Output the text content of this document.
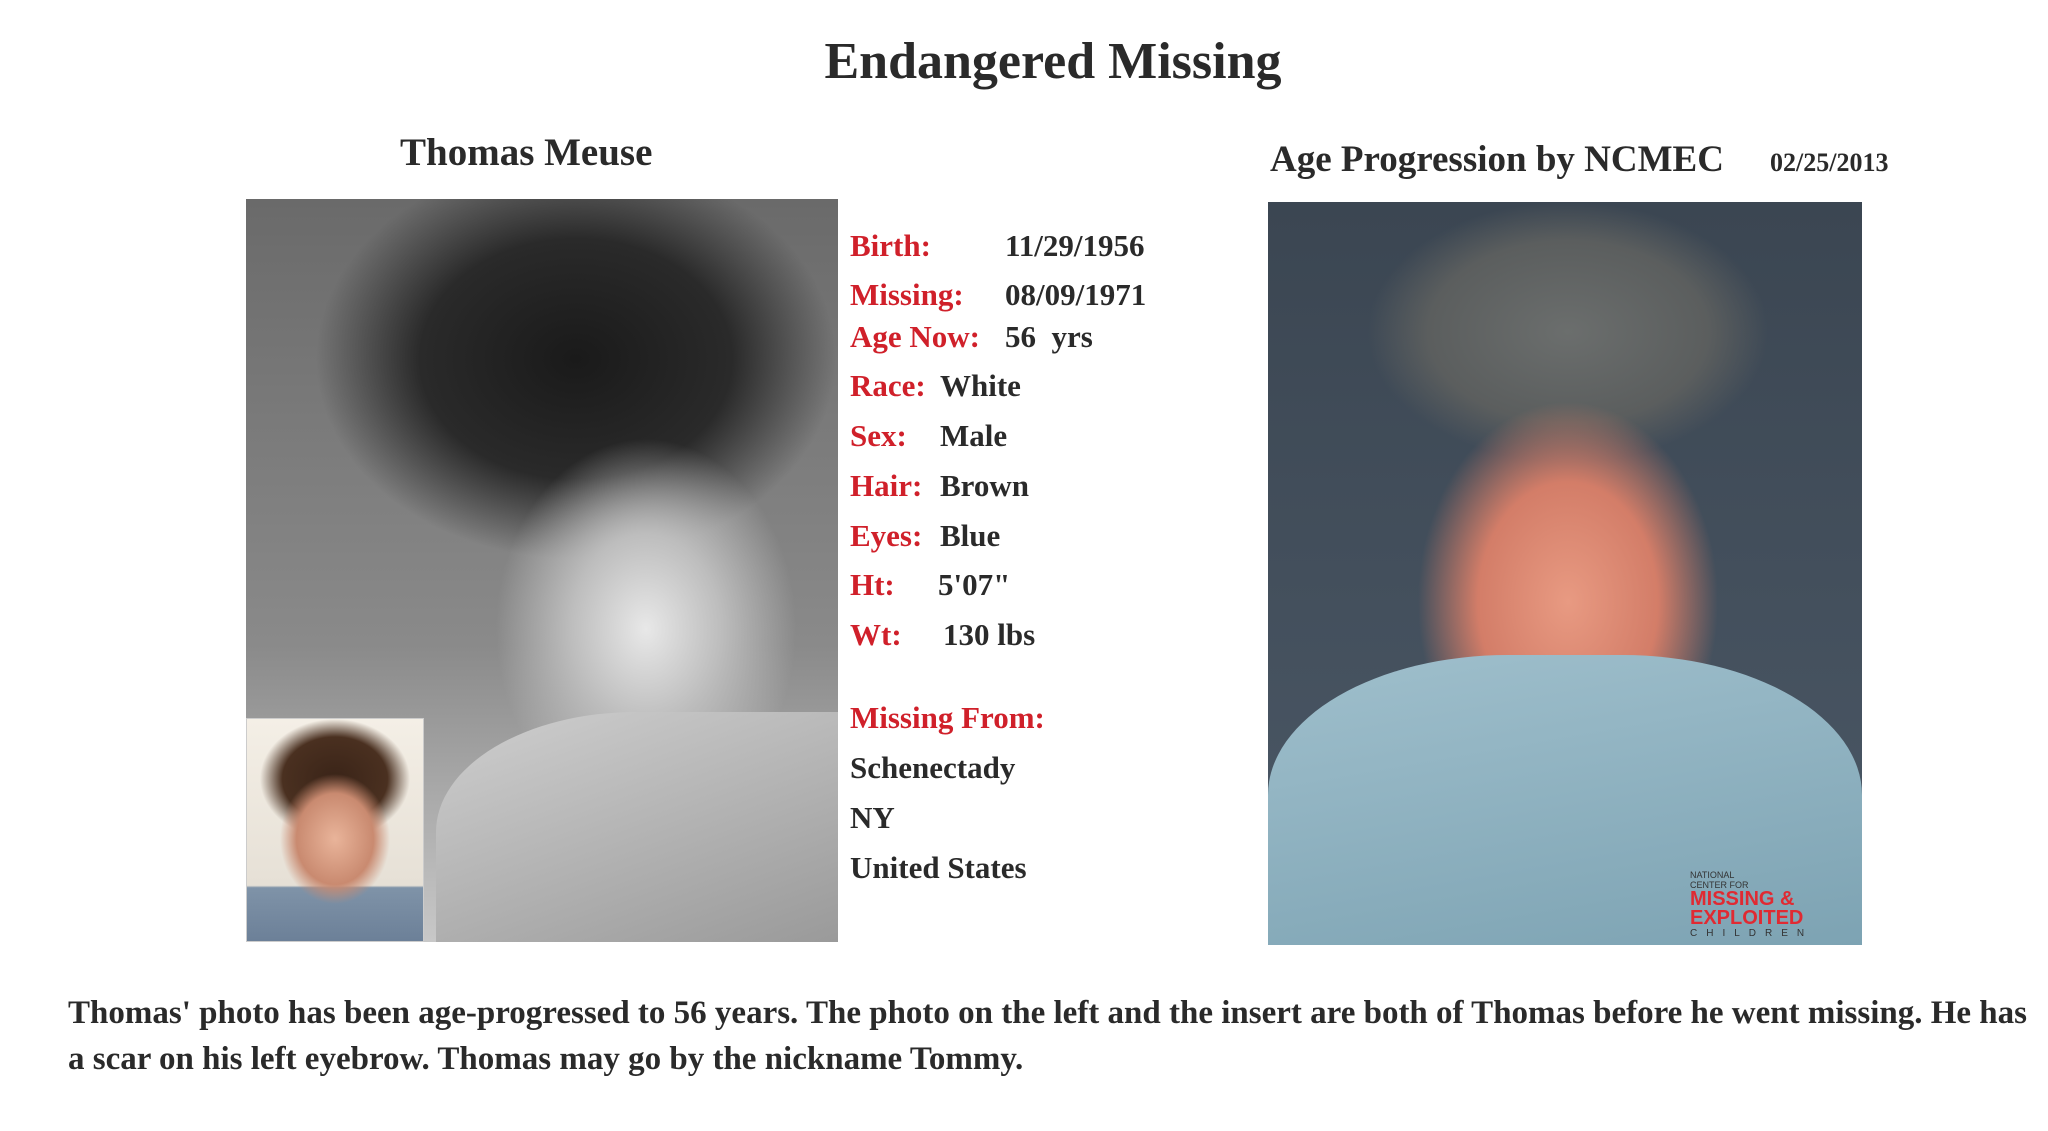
Endangered Missing
Thomas Meuse	Age Progression by NCMEC 02/25/2013
NATIONAL
CENTER FOR
MISSING &
EXPLOITED
CHILDREN
Birth: 11/29/1956
Missing: 08/09/1971
Age Now: 56  yrs
Race: White
Sex: Male
Hair: Brown
Eyes: Blue
Ht: 5'07"
Wt: 130 lbs
Missing From:
Schenectady
NY
United States
Thomas' photo has been age-progressed to 56 years. The photo on the left and the insert are both of Thomas before he went missing. He has a scar on his left eyebrow. Thomas may go by the nickname Tommy.
